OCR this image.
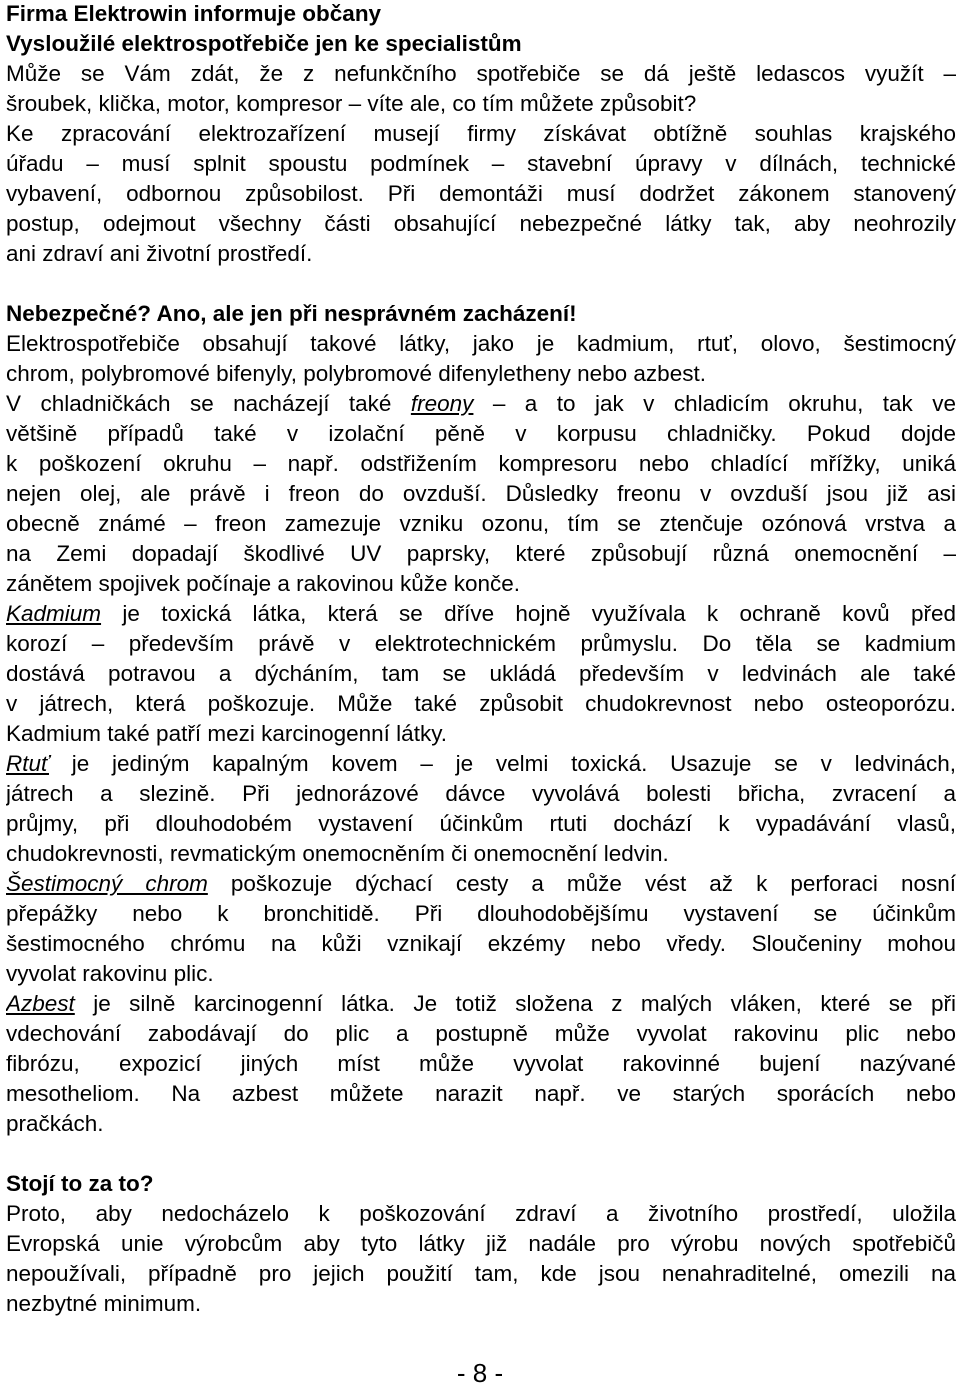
Firma Elektrowin informuje občany
Vysloužilé elektrospotřebiče jen ke specialistům
Může se Vám zdát, že z nefunkčního spotřebiče se dá ještě ledascos využít –
šroubek, klička, motor, kompresor – víte ale, co tím můžete způsobit?
Ke zpracování elektrozařízení musejí firmy získávat obtížně souhlas krajského
úřadu – musí splnit spoustu podmínek – stavební úpravy v dílnách, technické
vybavení, odbornou způsobilost. Při demontáži musí dodržet zákonem stanovený
postup, odejmout všechny části obsahující nebezpečné látky tak, aby neohrozily
ani zdraví ani životní prostředí.
Nebezpečné? Ano, ale jen při nesprávném zacházení!
Elektrospotřebiče obsahují takové látky, jako je kadmium, rtuť, olovo, šestimocný
chrom, polybromové bifenyly, polybromové difenyletheny nebo azbest.
V chladničkách se nacházejí také freony – a to jak v chladicím okruhu, tak ve
většině případů také v izolační pěně v korpusu chladničky. Pokud dojde
k poškození okruhu – např. odstřižením kompresoru nebo chladící mřížky, uniká
nejen olej, ale právě i freon do ovzduší. Důsledky freonu v ovzduší jsou již asi
obecně známé – freon zamezuje vzniku ozonu, tím se ztenčuje ozónová vrstva a
na Zemi dopadají škodlivé UV paprsky, které způsobují různá onemocnění –
zánětem spojivek počínaje a rakovinou kůže konče.
Kadmium je toxická látka, která se dříve hojně využívala k ochraně kovů před
korozí – především právě v elektrotechnickém průmyslu. Do těla se kadmium
dostává potravou a dýcháním, tam se ukládá především v ledvinách ale také
v játrech, která poškozuje. Může také způsobit chudokrevnost nebo osteoporózu.
Kadmium také patří mezi karcinogenní látky.
Rtuť je jediným kapalným kovem – je velmi toxická. Usazuje se v ledvinách,
játrech a slezině. Při jednorázové dávce vyvolává bolesti břicha, zvracení a
průjmy, při dlouhodobém vystavení účinkům rtuti dochází k vypadávání vlasů,
chudokrevnosti, revmatickým onemocněním či onemocnění ledvin.
Šestimocný chrom poškozuje dýchací cesty a může vést až k perforaci nosní
přepážky nebo k bronchitidě. Při dlouhodobějšímu vystavení se účinkům
šestimocného chrómu na kůži vznikají ekzémy nebo vředy. Sloučeniny mohou
vyvolat rakovinu plic.
Azbest je silně karcinogenní látka. Je totiž složena z malých vláken, které se při
vdechování zabodávají do plic a postupně může vyvolat rakovinu plic nebo
fibrózu, expozicí jiných míst může vyvolat rakovinné bujení nazývané
mesotheliom. Na azbest můžete narazit např. ve starých sporácích nebo
pračkách.
Stojí to za to?
Proto, aby nedocházelo k poškozování zdraví a životního prostředí, uložila
Evropská unie výrobcům aby tyto látky již nadále pro výrobu nových spotřebičů
nepoužívali, případně pro jejich použití tam, kde jsou nenahraditelné, omezili na
nezbytné minimum.
- 8 -
